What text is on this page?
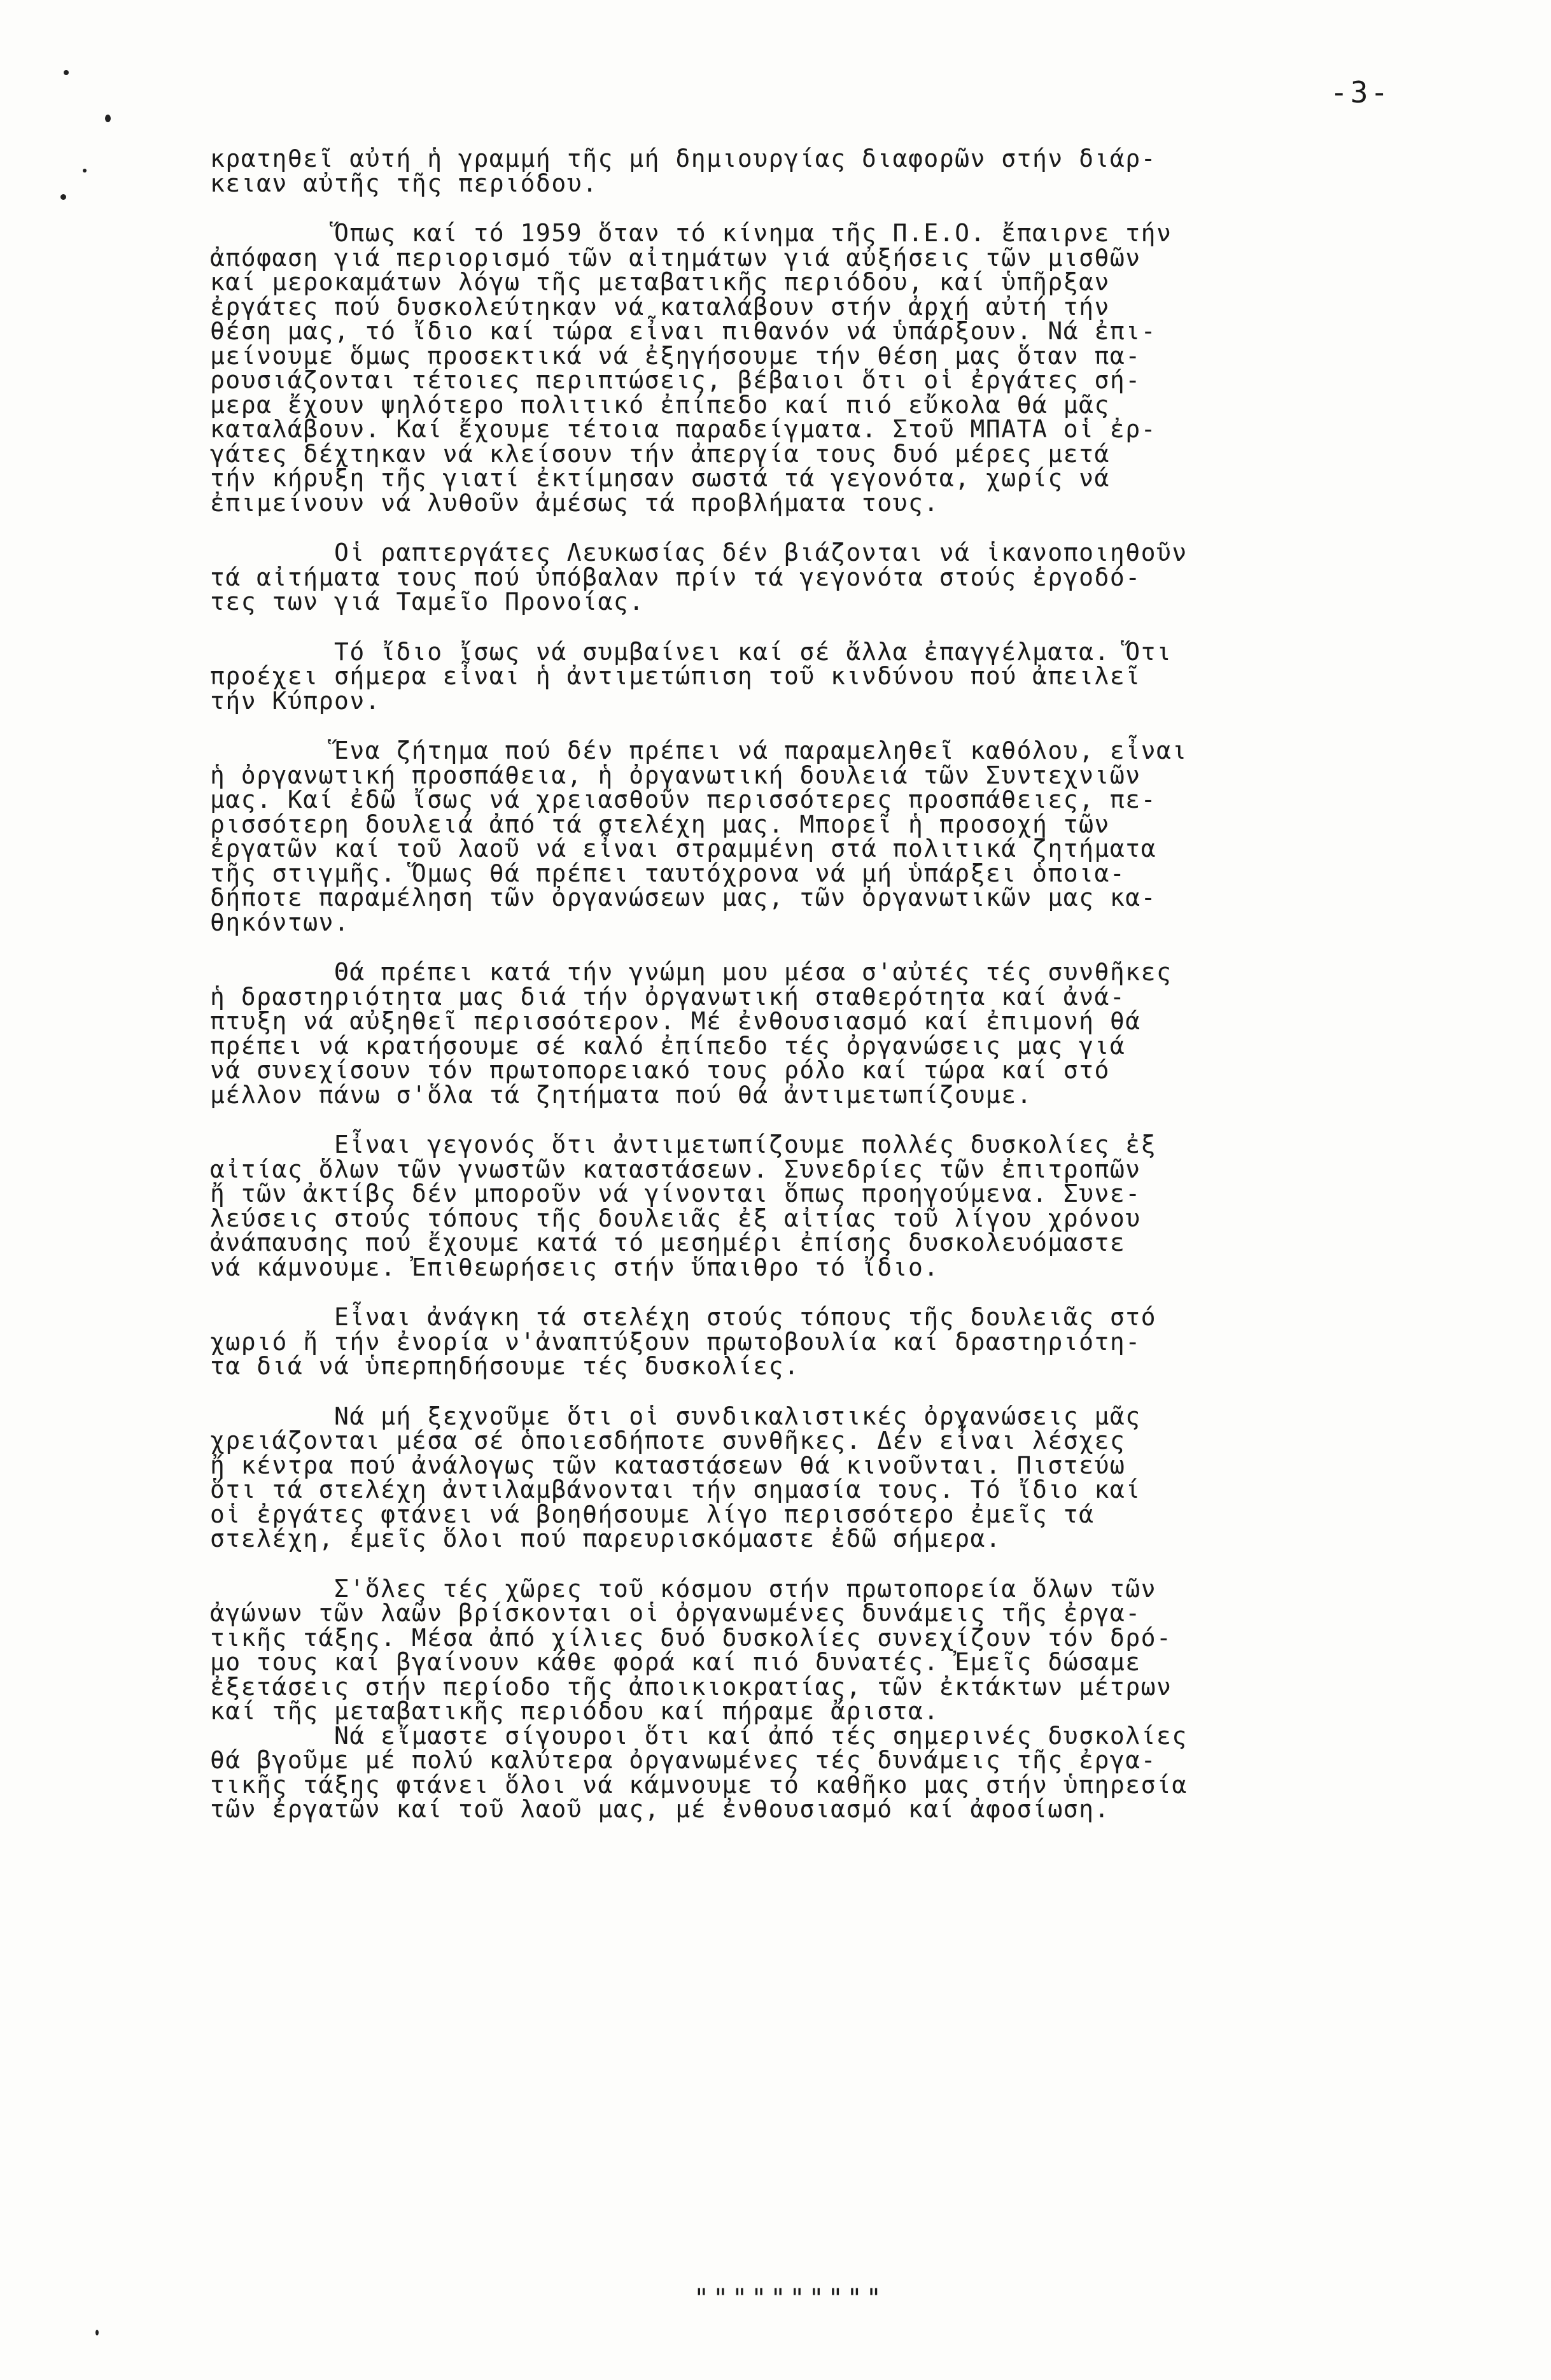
-3-
κρατηθεῖ αὐτή ἡ γραμμή τῆς μή δημιουργίας διαφορῶν στήν διάρ-
κειαν αὐτῆς τῆς περιόδου.
Ὅπως καί τό 1959 ὅταν τό κίνημα τῆς Π.Ε.Ο. ἔπαιρνε τήν
ἀπόφαση γιά περιορισμό τῶν αἰτημάτων γιά αὐξήσεις τῶν μισθῶν
καί μεροκαμάτων λόγω τῆς μεταβατικῆς περιόδου, καί ὑπῆρξαν
ἐργάτες πού δυσκολεύτηκαν νά καταλάβουν στήν ἀρχή αὐτή τήν
θέση μας, τό ἴδιο καί τώρα εἶναι πιθανόν νά ὑπάρξουν. Νά ἐπι-
μείνουμε ὅμως προσεκτικά νά ἐξηγήσουμε τήν θέση μας ὅταν πα-
ρουσιάζονται τέτοιες περιπτώσεις, βέβαιοι ὅτι οἱ ἐργάτες σή-
μερα ἔχουν ψηλότερο πολιτικό ἐπίπεδο καί πιό εὔκολα θά μᾶς
καταλάβουν. Καί ἔχουμε τέτοια παραδείγματα. Στοῦ ΜΠΑΤΑ οἱ ἐρ-
γάτες δέχτηκαν νά κλείσουν τήν ἀπεργία τους δυό μέρες μετά
τήν κήρυξη τῆς γιατί ἐκτίμησαν σωστά τά γεγονότα, χωρίς νά
ἐπιμείνουν νά λυθοῦν ἀμέσως τά προβλήματα τους.
Οἱ ραπτεργάτες Λευκωσίας δέν βιάζονται νά ἱκανοποιηθοῦν
τά αἰτήματα τους πού ὑπόβαλαν πρίν τά γεγονότα στούς ἐργοδό-
τες των γιά Ταμεῖο Προνοίας.
Τό ἴδιο ἴσως νά συμβαίνει καί σέ ἄλλα ἐπαγγέλματα. Ὅτι
προέχει σήμερα εἶναι ἡ ἀντιμετώπιση τοῦ κινδύνου πού ἀπειλεῖ
τήν Κύπρον.
Ἕνα ζήτημα πού δέν πρέπει νά παραμεληθεῖ καθόλου, εἶναι
ἡ ὀργανωτική προσπάθεια, ἡ ὀργανωτική δουλειά τῶν Συντεχνιῶν
μας. Καί ἐδῶ ἴσως νά χρειασθοῦν περισσότερες προσπάθειες, πε-
ρισσότερη δουλειά ἀπό τά στελέχη μας. Μπορεῖ ἡ προσοχή τῶν
ἐργατῶν καί τοῦ λαοῦ νά εἶναι στραμμένη στά πολιτικά ζητήματα
τῆς στιγμῆς. Ὅμως θά πρέπει ταυτόχρονα νά μή ὑπάρξει ὁποια-
δήποτε παραμέληση τῶν ὀργανώσεων μας, τῶν ὀργανωτικῶν μας κα-
θηκόντων.
Θά πρέπει κατά τήν γνώμη μου μέσα σ'αὐτές τές συνθῆκες
ἡ δραστηριότητα μας διά τήν ὀργανωτική σταθερότητα καί ἀνά-
πτυξη νά αὐξηθεῖ περισσότερον. Μέ ἐνθουσιασμό καί ἐπιμονή θά
πρέπει νά κρατήσουμε σέ καλό ἐπίπεδο τές ὀργανώσεις μας γιά
νά συνεχίσουν τόν πρωτοπορειακό τους ρόλο καί τώρα καί στό
μέλλον πάνω σ'ὅλα τά ζητήματα πού θά ἀντιμετωπίζουμε.
Εἶναι γεγονός ὅτι ἀντιμετωπίζουμε πολλές δυσκολίες ἐξ
αἰτίας ὅλων τῶν γνωστῶν καταστάσεων. Συνεδρίες τῶν ἐπιτροπῶν
ἤ τῶν ἀκτίβς δέν μποροῦν νά γίνονται ὅπως προηγούμενα. Συνε-
λεύσεις στούς τόπους τῆς δουλειᾶς ἐξ αἰτίας τοῦ λίγου χρόνου
ἀνάπαυσης πού ἔχουμε κατά τό μεσημέρι ἐπίσης δυσκολευόμαστε
νά κάμνουμε. Ἐπιθεωρήσεις στήν ὕπαιθρο τό ἴδιο.
Εἶναι ἀνάγκη τά στελέχη στούς τόπους τῆς δουλειᾶς στό
χωριό ἤ τήν ἐνορία ν'ἀναπτύξουν πρωτοβουλία καί δραστηριότη-
τα διά νά ὑπερπηδήσουμε τές δυσκολίες.
Νά μή ξεχνοῦμε ὅτι οἱ συνδικαλιστικές ὀργανώσεις μᾶς
χρειάζονται μέσα σέ ὁποιεσδήποτε συνθῆκες. Δέν εἶναι λέσχες
ἤ κέντρα πού ἀνάλογως τῶν καταστάσεων θά κινοῦνται. Πιστεύω
ὅτι τά στελέχη ἀντιλαμβάνονται τήν σημασία τους. Τό ἴδιο καί
οἱ ἐργάτες φτάνει νά βοηθήσουμε λίγο περισσότερο ἐμεῖς τά
στελέχη, ἐμεῖς ὅλοι πού παρευρισκόμαστε ἐδῶ σήμερα.
Σ'ὅλες τές χῶρες τοῦ κόσμου στήν πρωτοπορεία ὅλων τῶν
ἀγώνων τῶν λαῶν βρίσκονται οἱ ὀργανωμένες δυνάμεις τῆς ἐργα-
τικῆς τάξης. Μέσα ἀπό χίλιες δυό δυσκολίες συνεχίζουν τόν δρό-
μο τους καί βγαίνουν κάθε φορά καί πιό δυνατές. Ἐμεῖς δώσαμε
ἐξετάσεις στήν περίοδο τῆς ἀποικιοκρατίας, τῶν ἐκτάκτων μέτρων
καί τῆς μεταβατικῆς περιόδου καί πήραμε ἄριστα.
Νά εἴμαστε σίγουροι ὅτι καί ἀπό τές σημερινές δυσκολίες
θά βγοῦμε μέ πολύ καλύτερα ὀργανωμένες τές δυνάμεις τῆς ἐργα-
τικῆς τάξης φτάνει ὅλοι νά κάμνουμε τό καθῆκο μας στήν ὑπηρεσία
τῶν ἐργατῶν καί τοῦ λαοῦ μας, μέ ἐνθουσιασμό καί ἀφοσίωση.
""""""""""
